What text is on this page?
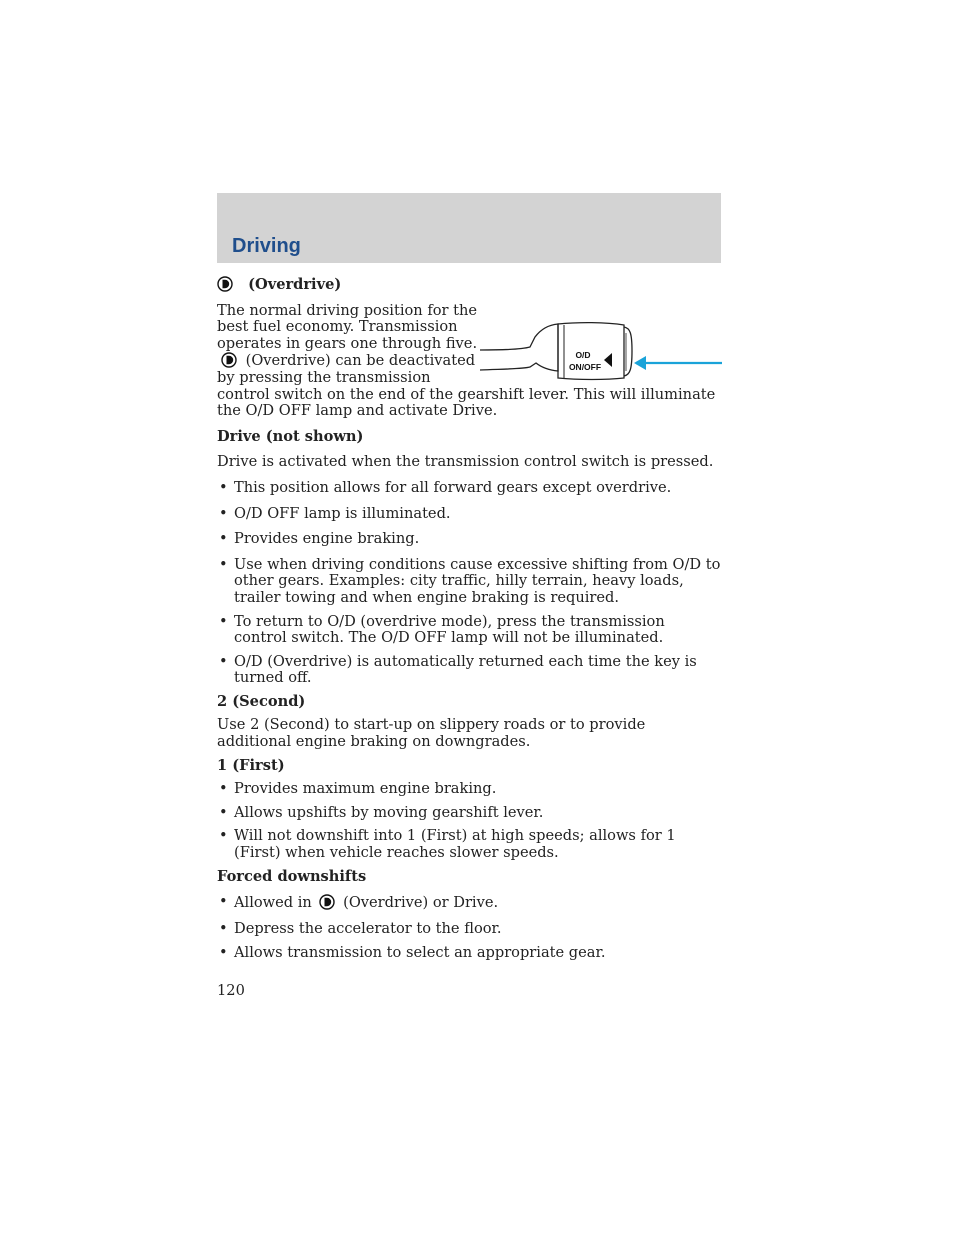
Driving

(Overdrive)

O/D
ON/OFF
The normal driving position for the best fuel economy. Transmission operates in gears one through five.  (Overdrive) can be deactivated by pressing the transmission control switch on the end of the gearshift lever. This will illuminate the O/D OFF lamp and activate Drive.

Drive (not shown)

Drive is activated when the transmission control switch is pressed.

• This position allows for all forward gears except overdrive.
• O/D OFF lamp is illuminated.
• Provides engine braking.
• Use when driving conditions cause excessive shifting from O/D to other gears. Examples: city traffic, hilly terrain, heavy loads, trailer towing and when engine braking is required.
• To return to O/D (overdrive mode), press the transmission control switch. The O/D OFF lamp will not be illuminated.
• O/D (Overdrive) is automatically returned each time the key is turned off.

2 (Second)

Use 2 (Second) to start-up on slippery roads or to provide additional engine braking on downgrades.

1 (First)

• Provides maximum engine braking.
• Allows upshifts by moving gearshift lever.
• Will not downshift into 1 (First) at high speeds; allows for 1 (First) when vehicle reaches slower speeds.

Forced downshifts

• Allowed in (Overdrive) or Drive.
• Depress the accelerator to the floor.
• Allows transmission to select an appropriate gear.
120
